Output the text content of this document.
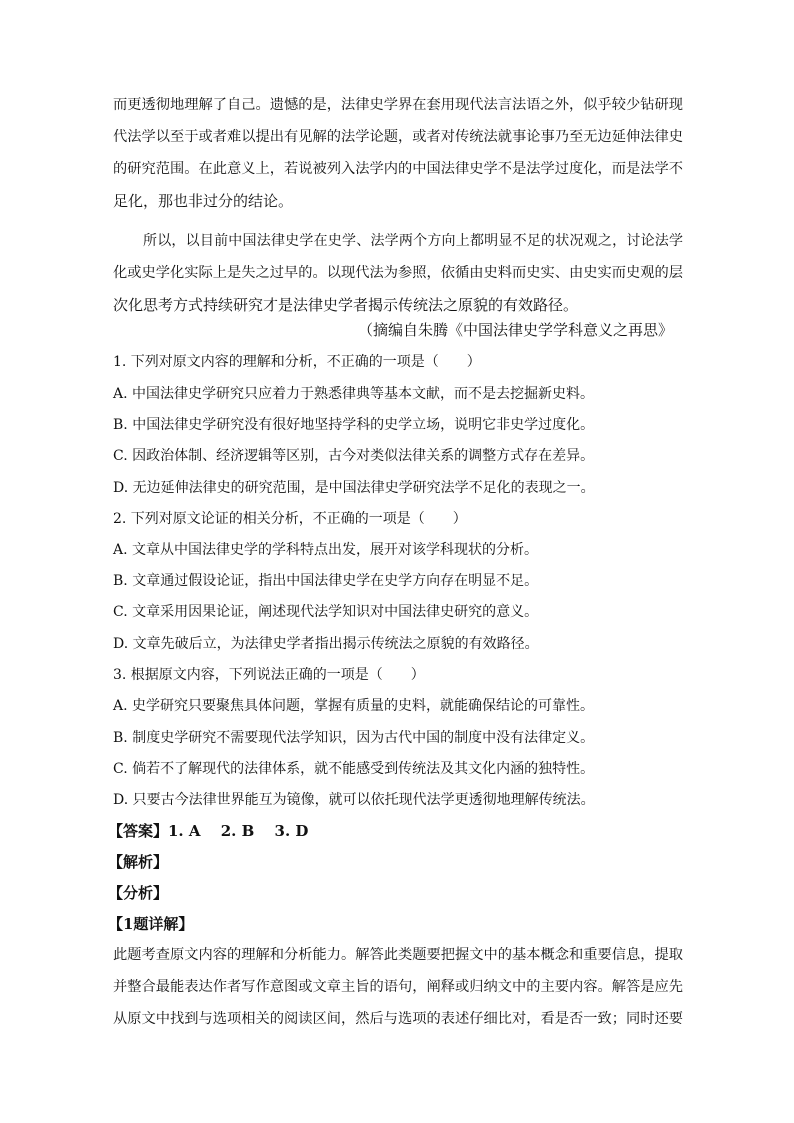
而更透彻地理解了自己。遗憾的是，法律史学界在套用现代法言法语之外，似乎较少钻研现
代法学以至于或者难以提出有见解的法学论题，或者对传统法就事论事乃至无边延伸法律史
的研究范围。在此意义上，若说被列入法学内的中国法律史学不是法学过度化，而是法学不
足化，那也非过分的结论。
所以，以目前中国法律史学在史学、法学两个方向上都明显不足的状况观之，讨论法学
化或史学化实际上是失之过早的。以现代法为参照，依循由史料而史实、由史实而史观的层
次化思考方式持续研究才是法律史学者揭示传统法之原貌的有效路径。
（摘编自朱腾《中国法律史学学科意义之再思》
1. 下列对原文内容的理解和分析，不正确的一项是（　　）
A. 中国法律史学研究只应着力于熟悉律典等基本文献，而不是去挖掘新史料。
B. 中国法律史学研究没有很好地坚持学科的史学立场，说明它非史学过度化。
C. 因政治体制、经济逻辑等区别，古今对类似法律关系的调整方式存在差异。
D. 无边延伸法律史的研究范围，是中国法律史学研究法学不足化的表现之一。
2. 下列对原文论证的相关分析，不正确的一项是（　　）
A. 文章从中国法律史学的学科特点出发，展开对该学科现状的分析。
B. 文章通过假设论证，指出中国法律史学在史学方向存在明显不足。
C. 文章采用因果论证，阐述现代法学知识对中国法律史研究的意义。
D. 文章先破后立，为法律史学者指出揭示传统法之原貌的有效路径。
3. 根据原文内容，下列说法正确的一项是（　　）
A. 史学研究只要聚焦具体问题，掌握有质量的史料，就能确保结论的可靠性。
B. 制度史学研究不需要现代法学知识，因为古代中国的制度中没有法律定义。
C. 倘若不了解现代的法律体系，就不能感受到传统法及其文化内涵的独特性。
D. 只要古今法律世界能互为镜像，就可以依托现代法学更透彻地理解传统法。
【答案】1. A　 2. B　 3. D
【解析】
【分析】
【1题详解】
此题考查原文内容的理解和分析能力。解答此类题要把握文中的基本概念和重要信息，提取
并整合最能表达作者写作意图或文章主旨的语句，阐释或归纳文中的主要内容。解答是应先
从原文中找到与选项相关的阅读区间，然后与选项的表述仔细比对，看是否一致；同时还要
